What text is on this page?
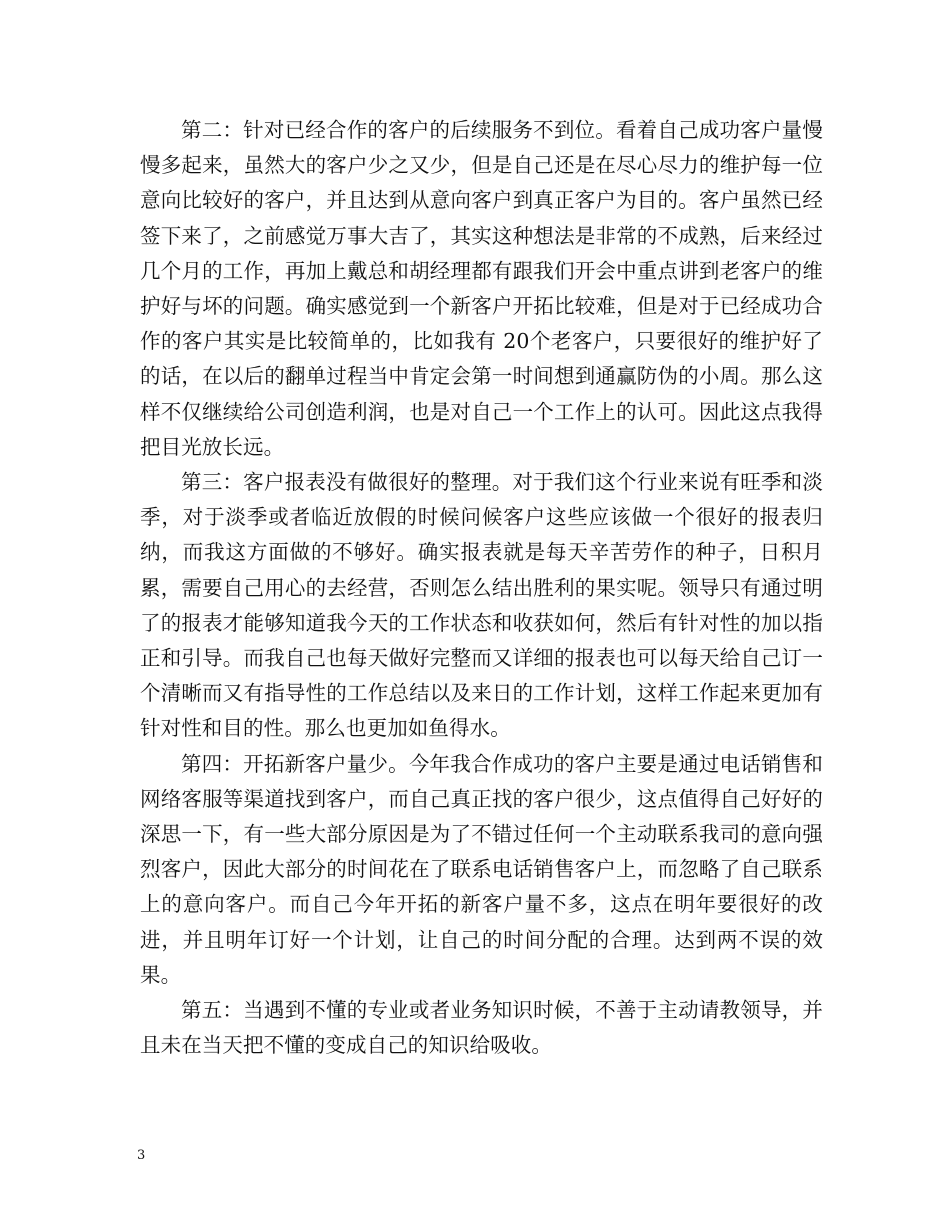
第二：针对已经合作的客户的后续服务不到位。看着自己成功客户量慢慢多起来，虽然大的客户少之又少，但是自己还是在尽心尽力的维护每一位意向比较好的客户，并且达到从意向客户到真正客户为目的。客户虽然已经签下来了，之前感觉万事大吉了，其实这种想法是非常的不成熟，后来经过几个月的工作，再加上戴总和胡经理都有跟我们开会中重点讲到老客户的维护好与坏的问题。确实感觉到一个新客户开拓比较难，但是对于已经成功合作的客户其实是比较简单的，比如我有 20个老客户，只要很好的维护好了的话，在以后的翻单过程当中肯定会第一时间想到通赢防伪的小周。那么这样不仅继续给公司创造利润，也是对自己一个工作上的认可。因此这点我得把目光放长远。

第三：客户报表没有做很好的整理。对于我们这个行业来说有旺季和淡季，对于淡季或者临近放假的时候问候客户这些应该做一个很好的报表归纳，而我这方面做的不够好。确实报表就是每天辛苦劳作的种子，日积月累，需要自己用心的去经营，否则怎么结出胜利的果实呢。领导只有通过明了的报表才能够知道我今天的工作状态和收获如何，然后有针对性的加以指正和引导。而我自己也每天做好完整而又详细的报表也可以每天给自己订一个清晰而又有指导性的工作总结以及来日的工作计划，这样工作起来更加有针对性和目的性。那么也更加如鱼得水。

第四：开拓新客户量少。今年我合作成功的客户主要是通过电话销售和网络客服等渠道找到客户，而自己真正找的客户很少，这点值得自己好好的深思一下，有一些大部分原因是为了不错过任何一个主动联系我司的意向强烈客户，因此大部分的时间花在了联系电话销售客户上，而忽略了自己联系上的意向客户。而自己今年开拓的新客户量不多，这点在明年要很好的改进，并且明年订好一个计划，让自己的时间分配的合理。达到两不误的效果。

第五：当遇到不懂的专业或者业务知识时候，不善于主动请教领导，并且未在当天把不懂的变成自己的知识给吸收。

3
